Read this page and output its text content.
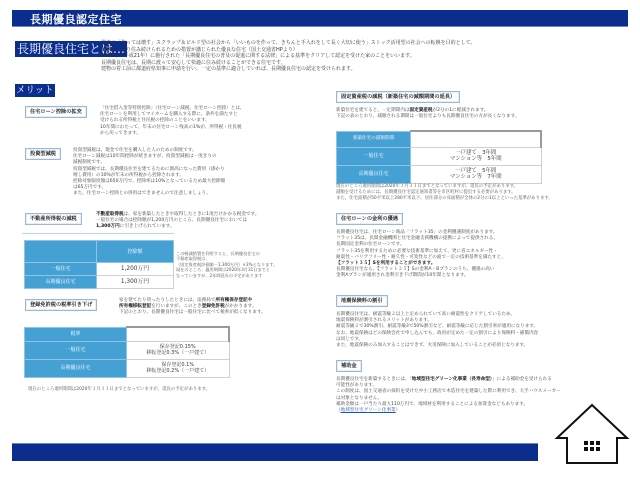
長期優良認定住宅
長期優良住宅とは…
従来の「作っては壊す」スクラップ＆ビルド型の社会から「いいものを作って、きちんと手入れをして長く大切に使う」ストック活用型の社会への転換を目的として、
長期にわたり住み続けられるための措置が講じられた優良な住宅（国土交通省HPより）
2009年（平成21年）に施行された「長期優良住宅の普及の促進に関する法律」による基準をクリアして認定を受けた家のことをいいます。
長期優良住宅は、長期に渡って安心して快適に住み続けることができる住宅です。
建物の着工前に都道府県知事に申請を行い、一定の基準に適合していれば、長期優良住宅の認定を受けられます。
メリット
住宅ローン控除の拡充
「住宅借入金等特別控除」（住宅ローン減税、住宅ローン控除）とは、
住宅ローンを利用してマイホームを購入する際に、条件を満たすと
受けられる所得税と住民税の控除のことをいいます。
10年間にわたって、年末の住宅ローン残高の1%が、所得税・住民税
から戻ってきます。
投資型減税
投資型減税は、現金で住宅を購入した人のための制度です。
住宅ローン減税は10年間控除が続きますが、投資型減税は一度きりの
減税制度です。
投資型減税では、長期優良住宅を建てるために割高になった費用（掛かり
増し費用）の10%が年末の所得税から控除されます。
控除対象限度額は650万円で、控除率は10%となっているため最大控除額
は65万円です。
また、住宅ローン控除との併用はできませんので注意しましょう。
不動産所得税の減税
不動産取得税は、家を新築したときや取得したときに1度だけかかる税金です。
一般住宅の場合は控除額が1,200万円のところ、長期優良住宅においては
1,300万円に引き上げられています。
	控除額
一般住宅	1,200万円
長期優良住宅	1,300万円
この軽減措置を利用すると、長期優良住宅の
不動産取得税は、
（固定資産税評価額－1,300万円）×3%となります。
現在のところ、適用期間は2020年3月31日までと
なっていますが、2年間延長の予定があります
登録免許税の税率引き下げ
家を建てたり買ったりしたときには、法務局で所有権保存登記や
所有権移転登記を行いますが、このとき登録免許税がかかります。
下記のとおり、長期優良住宅は一般住宅に比べて税率が低くなります。
税率	
一般住宅	保存登記0.15%
移転登記0.3%（一戸建て）

長期優良住宅	保存登記0.1%
移転登記0.2%（一戸建て）
現在のところ適用期間は2020年３月３１日までとなっていますが、延長の予定があります。
固定資産税の減税（新築住宅の減額期間の延長）
新築住宅を建てると、一定期間内は固定資産税が2分の1に軽減されます。
下記の表のとおり、減額される期間は一般住宅よりも長期優良住宅の方が長くなります。
新築住宅の減額期間	
一般住宅	一戸建て　3年間
マンション等　5年間

長期優良住宅	一戸建て　5年間
マンション等　7年間
現在のところ適用期間は2020年３月３１日までとなっていますが、延長の予定があります。
減額を受けるためには、長期優良住宅認定通知書等を市区町村に提出する必要があります。
また、住宅面積が50平米以上280平米以下、居住部分の床面積が全体の2分の1以上といった基準があります。
住宅ローンの金利の優遇
長期優良住宅は、住宅ローン商品「フラット35」の金利優遇制度があります。
フラット35は、民間金融機関と住宅金融支援機構の提携によって提供される、
長期固定金利の住宅ローンです。
フラット35を利用するために必要な技術基準に加えて、更に省エネルギー性・
耐震性・バリアフリー性・耐久性・可変性などの面で一定の技術基準を満たすと、
【フラット３５】Sを利用することができます。
長期優良住宅なら、【フラット３５】Sの金利A・Bプランのうち、優遇の高い
金利Aプランが適用され金利引き下げ期間が10年間となります。
地震保険料の割引
長期優良住宅は、耐震等級２以上と定められていて高い耐震性をクリアしているため、
地震保険料が割引されるメリットがあります。
耐震等級２で30%割引、耐震等級3で50%割引など、耐震等級に応じた割引率が適用になります。
なお、地震保険はどの保険会社で申し込んでも、政府が定めた一定の割引により保険料・補償内容
は同じです。
また、地震保険のみ加入することはできず、火災保険に加入していることが必須となります。
補助金
長期優良住宅を新築するときには、「地域型住宅グリーン化事業（長寿命型）」による補助金を受けられる
可能性があります。
この制度は、国土交通省の採択を受けた中小工務店で木造住宅を建築した際に利用でき、大手ハウスメーカー
は対象となりません。
補助金額は一戸当たり最大110万円で、地域材を利用することによる加算金などもあります。
（地域型住宅グリーン化事業）
